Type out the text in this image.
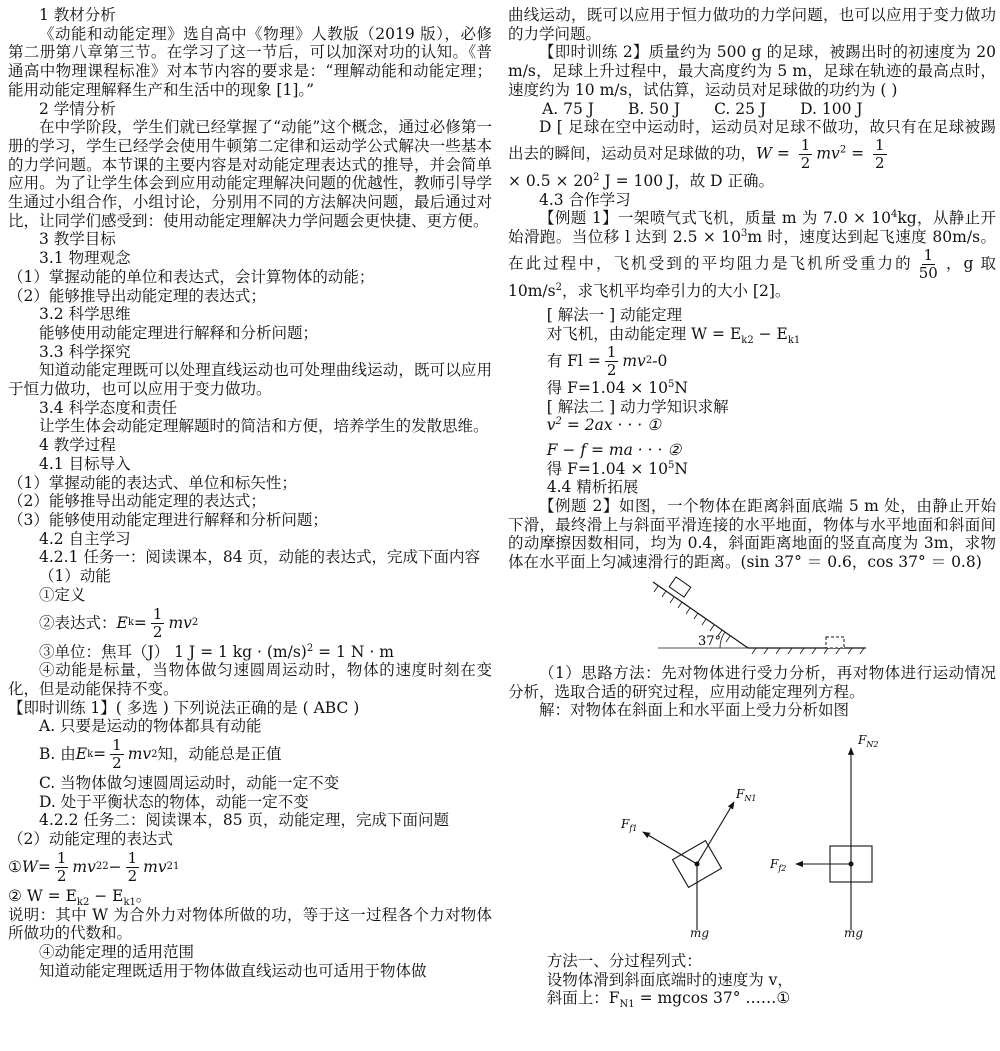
1 教材分析

《动能和动能定理》选自高中《物理》人教版（2019 版），必修第二册第八章第三节。在学习了这一节后，可以加深对功的认知。《普通高中物理课程标准》对本节内容的要求是：“理解动能和动能定理；能用动能定理解释生产和生活中的现象 [1]。”

2 学情分析

在中学阶段，学生们就已经掌握了“动能”这个概念，通过必修第一册的学习，学生已经学会使用牛顿第二定律和运动学公式解决一些基本的力学问题。本节课的主要内容是对动能定理表达式的推导，并会简单应用。为了让学生体会到应用动能定理解决问题的优越性，教师引导学生通过小组合作，小组讨论，分别用不同的方法解决问题，最后通过对比，让同学们感受到：使用动能定理解决力学问题会更快捷、更方便。

3 教学目标

3.1 物理观念

（1）掌握动能的单位和表达式，会计算物体的动能；

（2）能够推导出动能定理的表达式；

3.2 科学思维

能够使用动能定理进行解释和分析问题；

3.3 科学探究

知道动能定理既可以处理直线运动也可处理曲线运动，既可以应用于恒力做功，也可以应用于变力做功。

3.4 科学态度和责任

让学生体会动能定理解题时的简洁和方便，培养学生的发散思维。

4 教学过程

4.1 目标导入

（1）掌握动能的表达式、单位和标矢性；

（2）能够推导出动能定理的表达式；

（3）能够使用动能定理进行解释和分析问题；

4.2 自主学习

4.2.1 任务一：阅读课本，84 页，动能的表达式，完成下面内容

（1）动能

①定义

②表达式： E $k = \frac{1}{2}$ mv 2

③单位：焦耳（J） 1 J = 1 kg · $(m/s)^2 = 1$ N · m

④动能是标量，当物体做匀速圆周运动时，物体的速度时刻在变化，但是动能保持不变。

【即时训练 1】( 多选 ) 下列说法正确的是 ( ABC )

A. 只要是运动的物体都具有动能

B. 由 E $k = \frac{1}{2}$ mv 2 知，动能总是正值

C. 当物体做匀速圆周运动时，动能一定不变

D. 处于平衡状态的物体，动能一定不变

4.2.2 任务二：阅读课本，85 页，动能定理，完成下面问题

（2）动能定理的表达式

① $W = \frac{1}{2}$ mv 2 $2 - \frac{1}{2}$ mv 2 1

② $W = E_{k2} - E_{k1}$。

说明：其中 W 为合外力对物体所做的功，等于这一过程各个力对物体所做功的代数和。

④动能定理的适用范围

知道动能定理既适用于物体做直线运动也可适用于物体做

曲线运动，既可以应用于恒力做功的力学问题，也可以应用于变力做功的力学问题。

【即时训练 2】质量约为 500 g 的足球，被踢出时的初速度为 20 m/s，足球上升过程中，最大高度约为 5 m，足球在轨迹的最高点时，速度约为 10 m/s，试估算，运动员对足球做的功约为 ( )

A. 75 J B. 50 J C. 25 J D. 100 J
D [ 足球在空中运动时，运动员对足球不做功，故只有在足球被踢出去的瞬间，运动员对足球做的功，$W = \frac{1}{2} mv^2 = \frac{1}{2}$

× $0.5 \times 20^2$ J = 100 J，故 D 正确。

4.3 合作学习

【例题 1】一架喷气式飞机，质量 m 为 $7.0 \times 10^4kg$，从静止开始滑跑。当位移 l 达到 $2.5 \times 10^3m$ 时，速度达到起飞速度 80m/s。在此过程中，飞机受到的平均阻力是飞机所受重力的 $\frac{1}{50}$ ，g 取 $10m/s^2$，求飞机平均牵引力的大小 [2]。

[ 解法一 ] 动能定理

对飞机，由动能定理 $W = E_{k2} - E_{k1}$

有 $Fl = \frac{1}{2}$ mv 2 -0

得 $F=1.04 \times 10^5N$

[ 解法二 ] 动力学知识求解

$v^2 = 2ax$ · · · ①

F − f = ma · · · ②

得 $F=1.04 \times 10^5N$

4.4 精析拓展

【例题 2】如图，一个物体在距离斜面底端 5 m 处，由静止开始下滑，最终滑上与斜面平滑连接的水平地面，物体与水平地面和斜面间的动摩擦因数相同，均为 0.4，斜面距离地面的竖直高度为 3m，求物体在水平面上匀减速滑行的距离。(sin 37° ＝ 0.6，cos 37° ＝ 0.8)

37°

（1）思路方法：先对物体进行受力分析，再对物体进行运动情况分析，选取合适的研究过程，应用动能定理列方程。

解：对物体在斜面上和水平面上受力分析如图

$F_{N1}$
$F_{f1}$
$F_{N2}$
$F_{f2}$
mg	mg

方法一、分过程列式：

设物体滑到斜面底端时的速度为 v，

斜面上：$F_{N1} = mgcos$ 37° ……①
